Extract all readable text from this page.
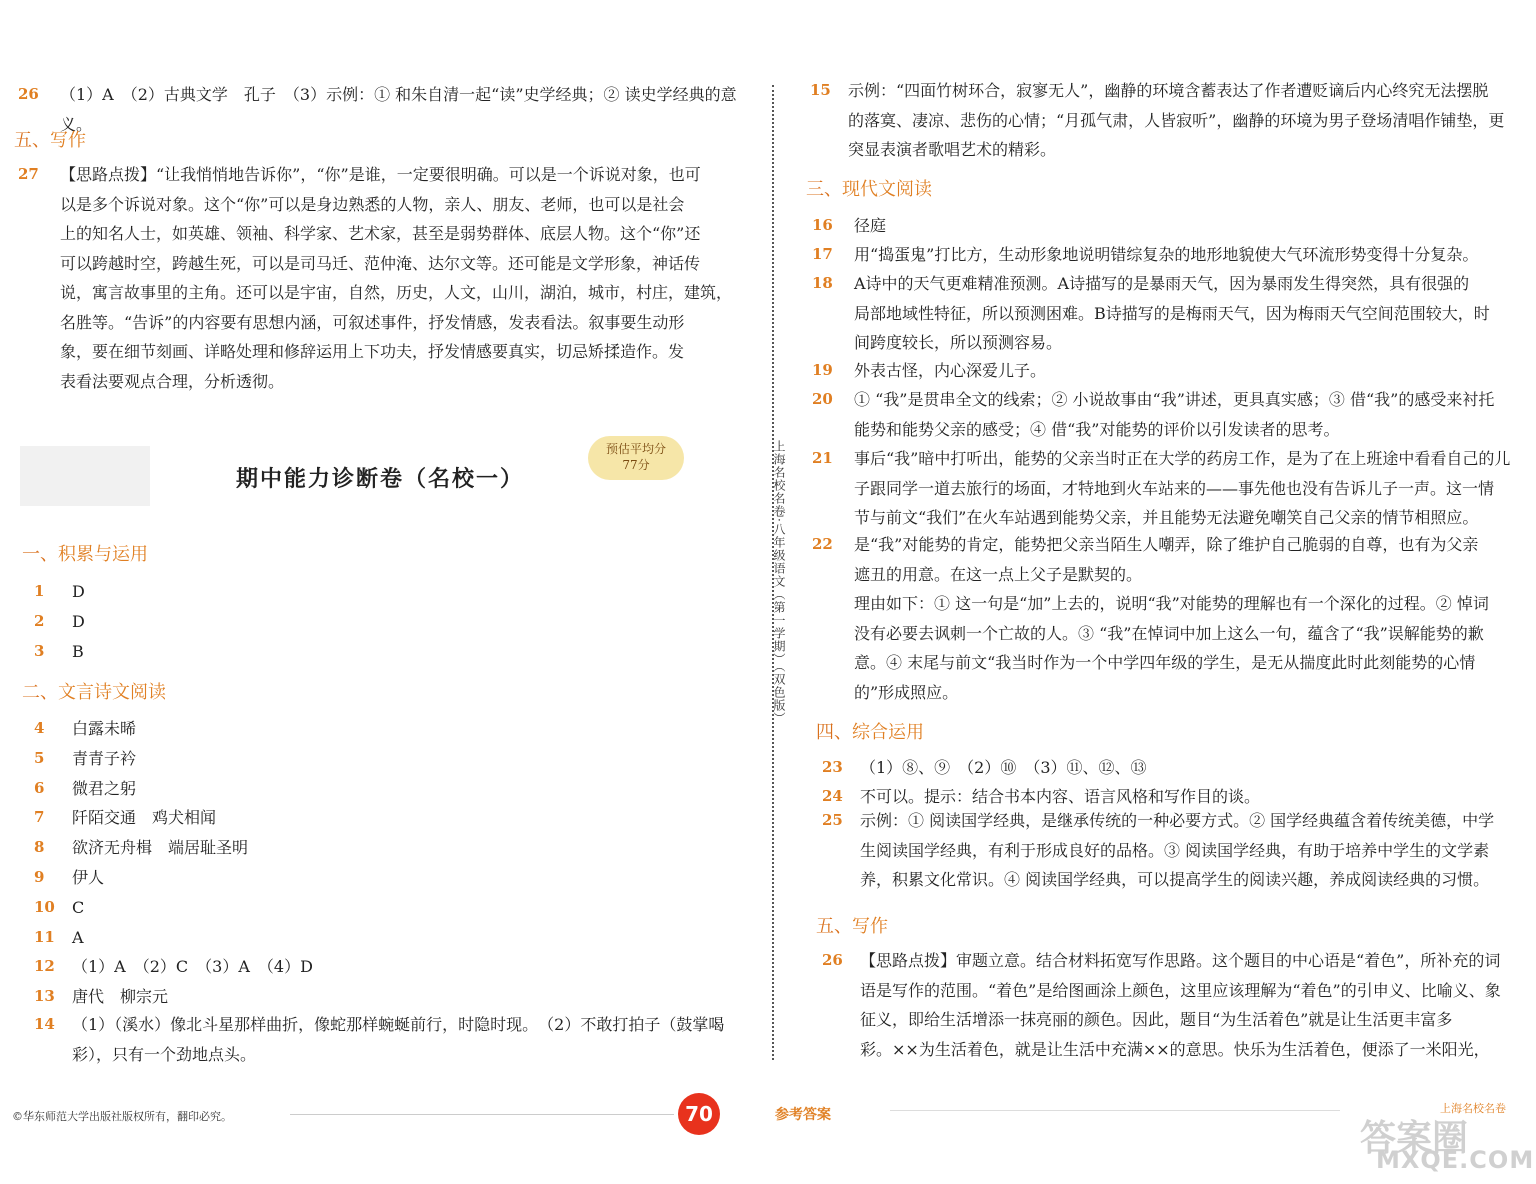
26	（1）A　（2）古典文学　孔子　（3）示例：① 和朱自清一起“读”史学经典；② 读史学经典的意义。
五、写作
27	【思路点拨】“让我悄悄地告诉你”，“你”是谁，一定要很明确。可以是一个诉说对象，也可
以是多个诉说对象。这个“你”可以是身边熟悉的人物，亲人、朋友、老师，也可以是社会
上的知名人士，如英雄、领袖、科学家、艺术家，甚至是弱势群体、底层人物。这个“你”还
可以跨越时空，跨越生死，可以是司马迁、范仲淹、达尔文等。还可能是文学形象，神话传
说，寓言故事里的主角。还可以是宇宙，自然，历史，人文，山川，湖泊，城市，村庄，建筑，
名胜等。“告诉”的内容要有思想内涵，可叙述事件，抒发情感，发表看法。叙事要生动形
象，要在细节刻画、详略处理和修辞运用上下功夫，抒发情感要真实，切忌矫揉造作。发
表看法要观点合理，分析透彻。
期中能力诊断卷（名校一）
预估平均分
77分
一、积累与运用
1	D
2	D
3	B
二、文言诗文阅读
4	白露未晞
5	青青子衿
6	微君之躬
7	阡陌交通　鸡犬相闻
8	欲济无舟楫　端居耻圣明
9	伊人
10	C
11	A
12	（1）A　（2）C　（3）A　（4）D
13	唐代　柳宗元
14	（1）（溪水）像北斗星那样曲折，像蛇那样蜿蜒前行，时隐时现。　（2）不敢打拍子（鼓掌喝
彩），只有一个劲地点头。
©华东师范大学出版社版权所有，翻印必究。	70
上海名校名卷·八年级语文（第一学期）（双色版）
15	示例：“四面竹树环合，寂寥无人”，幽静的环境含蓄表达了作者遭贬谪后内心终究无法摆脱
的落寞、凄凉、悲伤的心情；“月孤气肃，人皆寂听”，幽静的环境为男子登场清唱作铺垫，更
突显表演者歌唱艺术的精彩。
三、现代文阅读
16	径庭
17	用“捣蛋鬼”打比方，生动形象地说明错综复杂的地形地貌使大气环流形势变得十分复杂。
18	A诗中的天气更难精准预测。A诗描写的是暴雨天气，因为暴雨发生得突然，具有很强的
局部地域性特征，所以预测困难。B诗描写的是梅雨天气，因为梅雨天气空间范围较大，时
间跨度较长，所以预测容易。
19	外表古怪，内心深爱儿子。
20	① “我”是贯串全文的线索；② 小说故事由“我”讲述，更具真实感；③ 借“我”的感受来衬托
能势和能势父亲的感受；④ 借“我”对能势的评价以引发读者的思考。
21	事后“我”暗中打听出，能势的父亲当时正在大学的药房工作，是为了在上班途中看看自己的儿
子跟同学一道去旅行的场面，才特地到火车站来的——事先他也没有告诉儿子一声。这一情
节与前文“我们”在火车站遇到能势父亲，并且能势无法避免嘲笑自己父亲的情节相照应。
22	是“我”对能势的肯定，能势把父亲当陌生人嘲弄，除了维护自己脆弱的自尊，也有为父亲
遮丑的用意。在这一点上父子是默契的。
理由如下：① 这一句是“加”上去的，说明“我”对能势的理解也有一个深化的过程。② 悼词
没有必要去讽刺一个亡故的人。③ “我”在悼词中加上这么一句，蕴含了“我”误解能势的歉
意。④ 末尾与前文“我当时作为一个中学四年级的学生，是无从揣度此时此刻能势的心情
的”形成照应。
四、综合运用
23	（1）⑧、⑨　（2）⑩　（3）⑪、⑫、⑬
24	不可以。提示：结合书本内容、语言风格和写作目的谈。
25	示例：① 阅读国学经典，是继承传统的一种必要方式。② 国学经典蕴含着传统美德，中学
生阅读国学经典，有利于形成良好的品格。③ 阅读国学经典，有助于培养中学生的文学素
养，积累文化常识。④ 阅读国学经典，可以提高学生的阅读兴趣，养成阅读经典的习惯。
五、写作
26	【思路点拨】审题立意。结合材料拓宽写作思路。这个题目的中心语是“着色”，所补充的词
语是写作的范围。“着色”是给图画涂上颜色，这里应该理解为“着色”的引申义、比喻义、象
征义，即给生活增添一抹亮丽的颜色。因此，题目“为生活着色”就是让生活更丰富多
彩。××为生活着色，就是让生活中充满××的意思。快乐为生活着色，便添了一米阳光，
参考答案	上海名校名卷
答案圈
MXQE.COM
